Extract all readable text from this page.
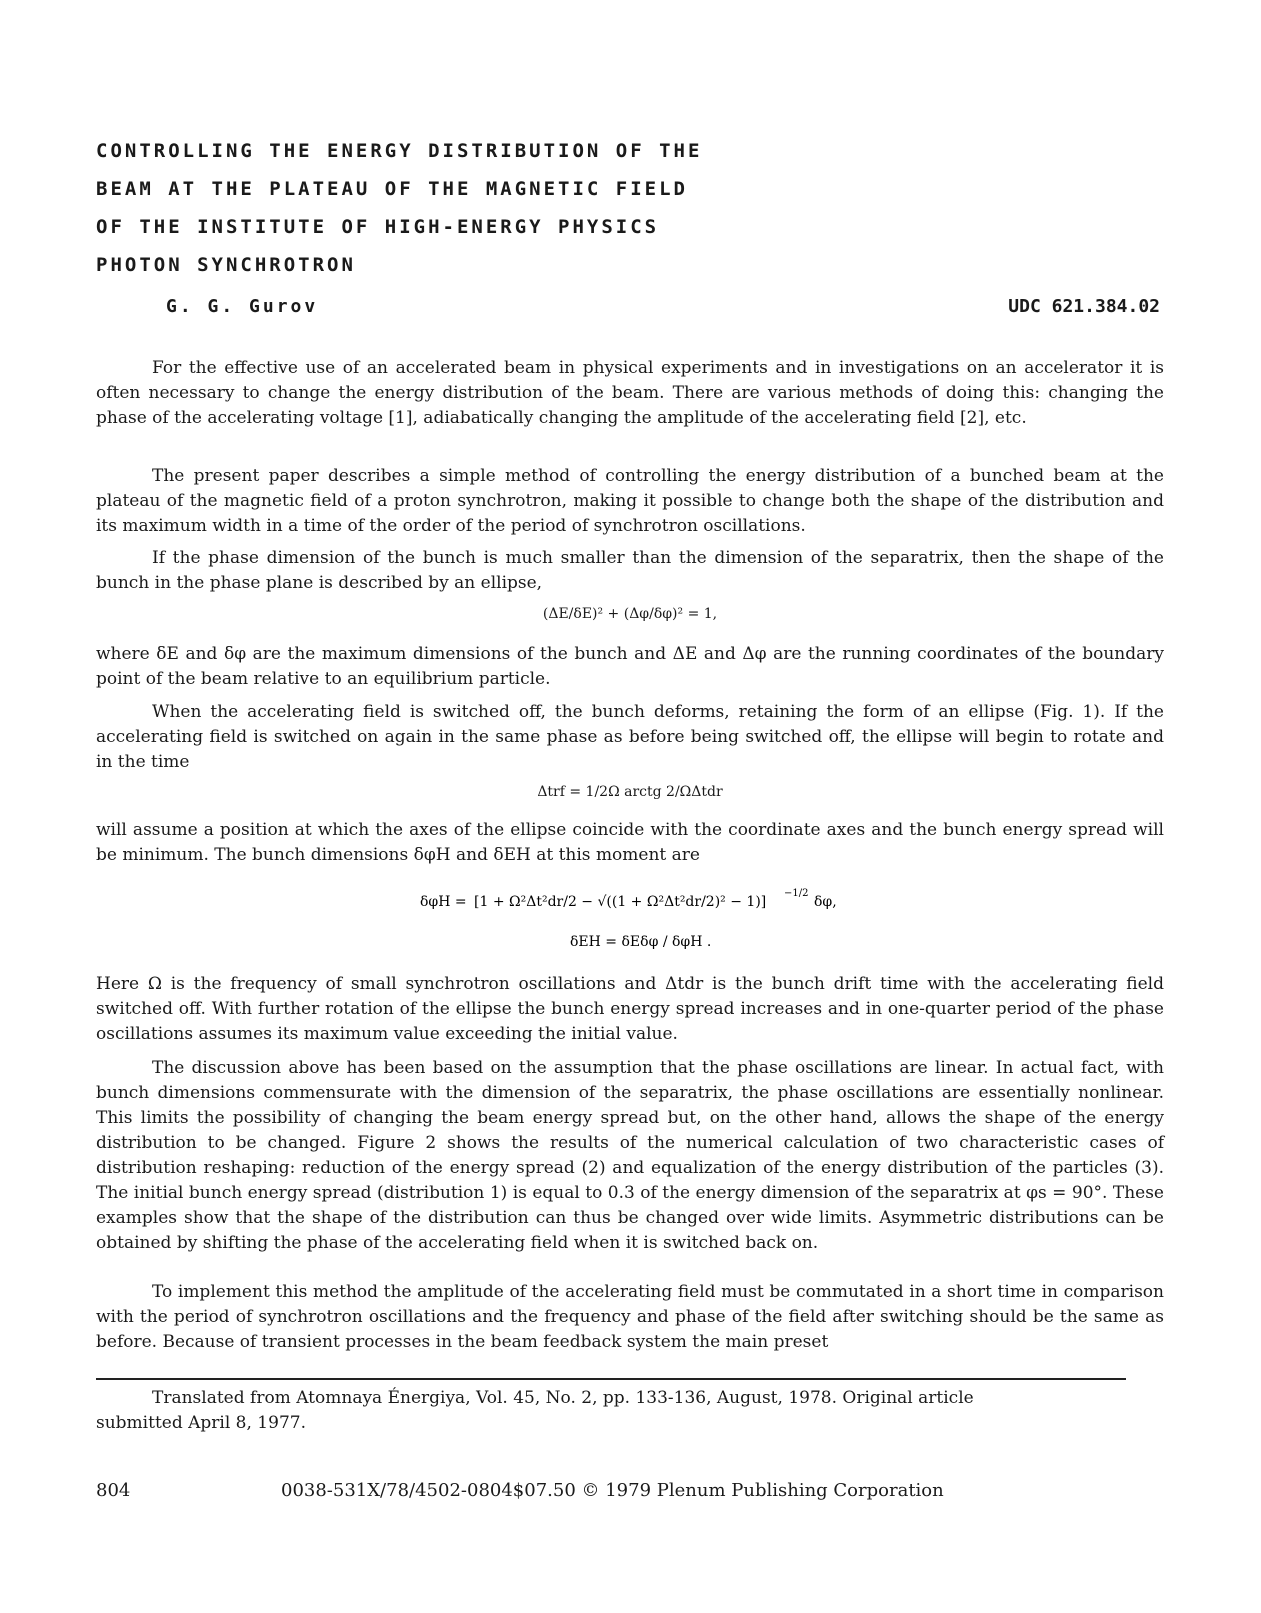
CONTROLLING THE ENERGY DISTRIBUTION OF THE
BEAM AT THE PLATEAU OF THE MAGNETIC FIELD
OF THE INSTITUTE OF HIGH-ENERGY PHYSICS
PHOTON SYNCHROTRON
G. G. Gurov	UDC 621.384.02
For the effective use of an accelerated beam in physical experiments and in investigations on an accelerator it is often necessary to change the energy distribution of the beam. There are various methods of doing this: changing the phase of the accelerating voltage [1], adiabatically changing the amplitude of the accelerating field [2], etc.
The present paper describes a simple method of controlling the energy distribution of a bunched beam at the plateau of the magnetic field of a proton synchrotron, making it possible to change both the shape of the distribution and its maximum width in a time of the order of the period of synchrotron oscillations.
If the phase dimension of the bunch is much smaller than the dimension of the separatrix, then the shape of the bunch in the phase plane is described by an ellipse,
(ΔE/δE)² + (Δφ/δφ)² = 1,
where δE and δφ are the maximum dimensions of the bunch and ΔE and Δφ are the running coordinates of the boundary point of the beam relative to an equilibrium particle.
When the accelerating field is switched off, the bunch deforms, retaining the form of an ellipse (Fig. 1). If the accelerating field is switched on again in the same phase as before being switched off, the ellipse will begin to rotate and in the time
Δtrf = 1/2Ω arctg 2/ΩΔtdr
will assume a position at which the axes of the ellipse coincide with the coordinate axes and the bunch energy spread will be minimum. The bunch dimensions δφH and δEH at this moment are
δφH = [1 + Ω²Δt²dr/2 − √((1 + Ω²Δt²dr/2)² − 1)]
−1/2
δφ,
δEH = δEδφ / δφH .
Here Ω is the frequency of small synchrotron oscillations and Δtdr is the bunch drift time with the accelerating field switched off. With further rotation of the ellipse the bunch energy spread increases and in one-quarter period of the phase oscillations assumes its maximum value exceeding the initial value.
The discussion above has been based on the assumption that the phase oscillations are linear. In actual fact, with bunch dimensions commensurate with the dimension of the separatrix, the phase oscillations are essentially nonlinear. This limits the possibility of changing the beam energy spread but, on the other hand, allows the shape of the energy distribution to be changed. Figure 2 shows the results of the numerical calculation of two characteristic cases of distribution reshaping: reduction of the energy spread (2) and equalization of the energy distribution of the particles (3). The initial bunch energy spread (distribution 1) is equal to 0.3 of the energy dimension of the separatrix at φs = 90°. These examples show that the shape of the distribution can thus be changed over wide limits. Asymmetric distributions can be obtained by shifting the phase of the accelerating field when it is switched back on.
To implement this method the amplitude of the accelerating field must be commutated in a short time in comparison with the period of synchrotron oscillations and the frequency and phase of the field after switching should be the same as before. Because of transient processes in the beam feedback system the main preset
Translated from Atomnaya Énergiya, Vol. 45, No. 2, pp. 133-136, August, 1978. Original article
submitted April 8, 1977.
804	0038-531X/78/4502-0804$07.50 © 1979 Plenum Publishing Corporation
